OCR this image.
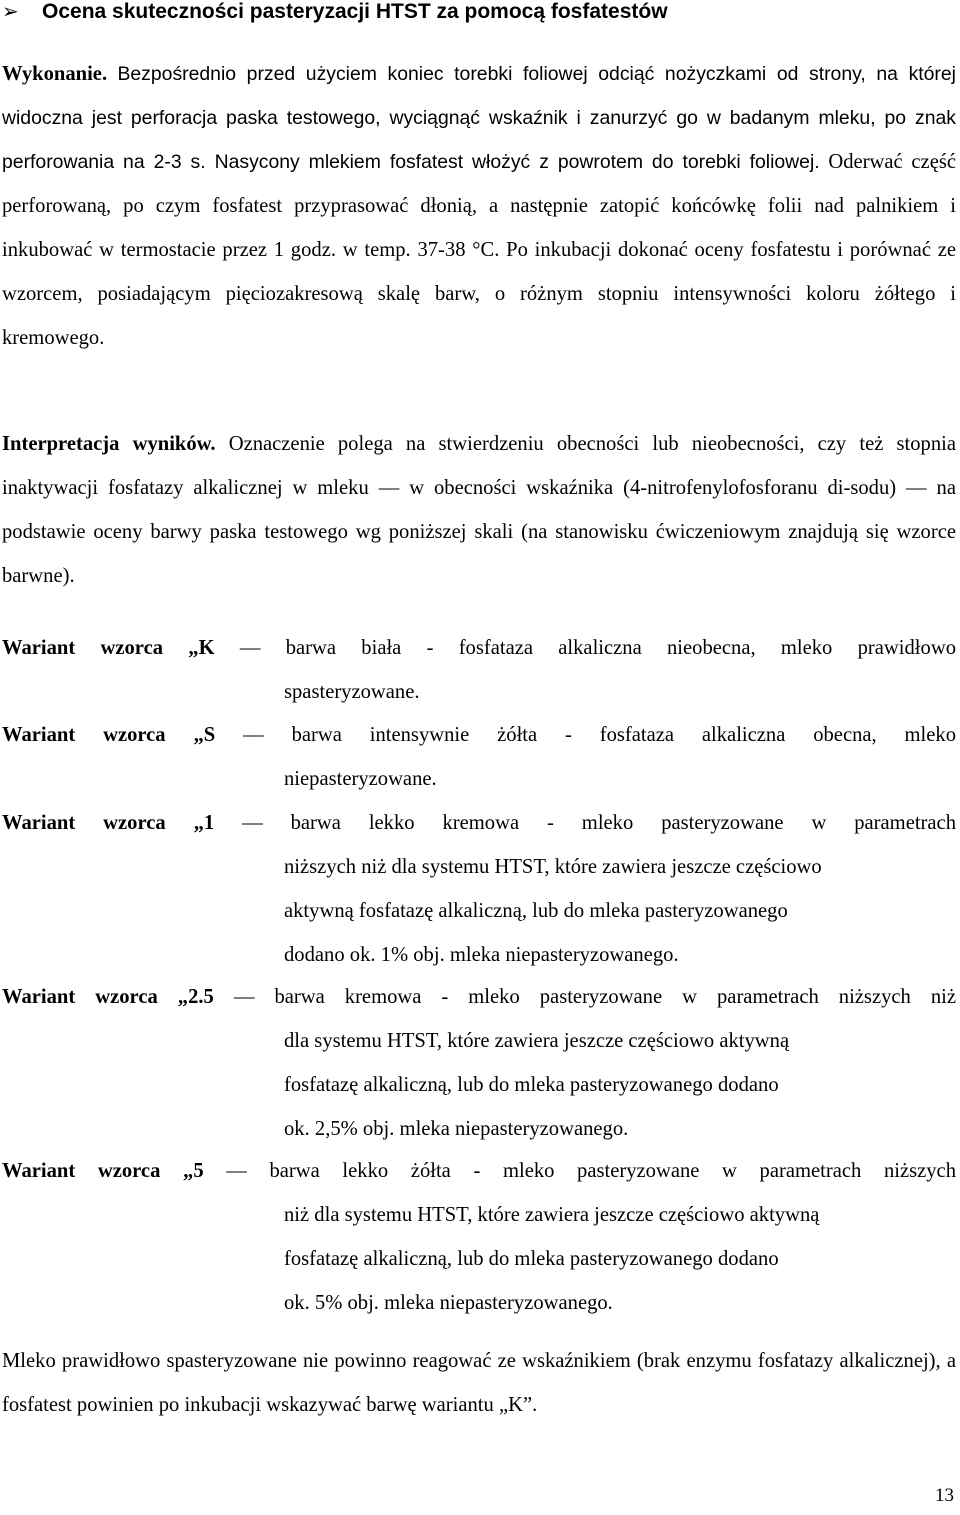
➢ Ocena skuteczności pasteryzacji HTST za pomocą fosfatestów

Wykonanie. Bezpośrednio przed użyciem koniec torebki foliowej odciąć nożyczkami od strony, na której widoczna jest perforacja paska testowego, wyciągnąć wskaźnik i zanurzyć go w badanym mleku, po znak perforowania na 2-3 s. Nasycony mlekiem fosfatest włożyć z powrotem do torebki foliowej. Oderwać część perforowaną, po czym fosfatest przyprasować dłonią, a następnie zatopić końcówkę folii nad palnikiem i inkubować w termostacie przez 1 godz. w temp. 37-38 °C. Po inkubacji dokonać oceny fosfatestu i porównać ze wzorcem, posiadającym pięciozakresową skalę barw, o różnym stopniu intensywności koloru żółtego i kremowego.

Interpretacja wyników. Oznaczenie polega na stwierdzeniu obecności lub nieobecności, czy też stopnia inaktywacji fosfatazy alkalicznej w mleku — w obecności wskaźnika (4-nitrofenylofosforanu di-sodu) — na podstawie oceny barwy paska testowego wg poniższej skali (na stanowisku ćwiczeniowym znajdują się wzorce barwne).

Wariant wzorca „K — barwa biała - fosfataza alkaliczna nieobecna, mleko prawidłowo
spasteryzowane.
Wariant wzorca „S — barwa intensywnie żółta - fosfataza alkaliczna obecna, mleko
niepasteryzowane.
Wariant wzorca „1 — barwa lekko kremowa - mleko pasteryzowane w parametrach
niższych niż dla systemu HTST, które zawiera jeszcze częściowo
aktywną fosfatazę alkaliczną, lub do mleka pasteryzowanego
dodano ok. 1% obj. mleka niepasteryzowanego.
Wariant wzorca „2.5 — barwa kremowa - mleko pasteryzowane w parametrach niższych niż
dla systemu HTST, które zawiera jeszcze częściowo aktywną
fosfatazę alkaliczną, lub do mleka pasteryzowanego dodano
ok. 2,5% obj. mleka niepasteryzowanego.
Wariant wzorca „5 — barwa lekko żółta - mleko pasteryzowane w parametrach niższych
niż dla systemu HTST, które zawiera jeszcze częściowo aktywną
fosfatazę alkaliczną, lub do mleka pasteryzowanego dodano
ok. 5% obj. mleka niepasteryzowanego.

Mleko prawidłowo spasteryzowane nie powinno reagować ze wskaźnikiem (brak enzymu fosfatazy alkalicznej), a fosfatest powinien po inkubacji wskazywać barwę wariantu „K”.

13
